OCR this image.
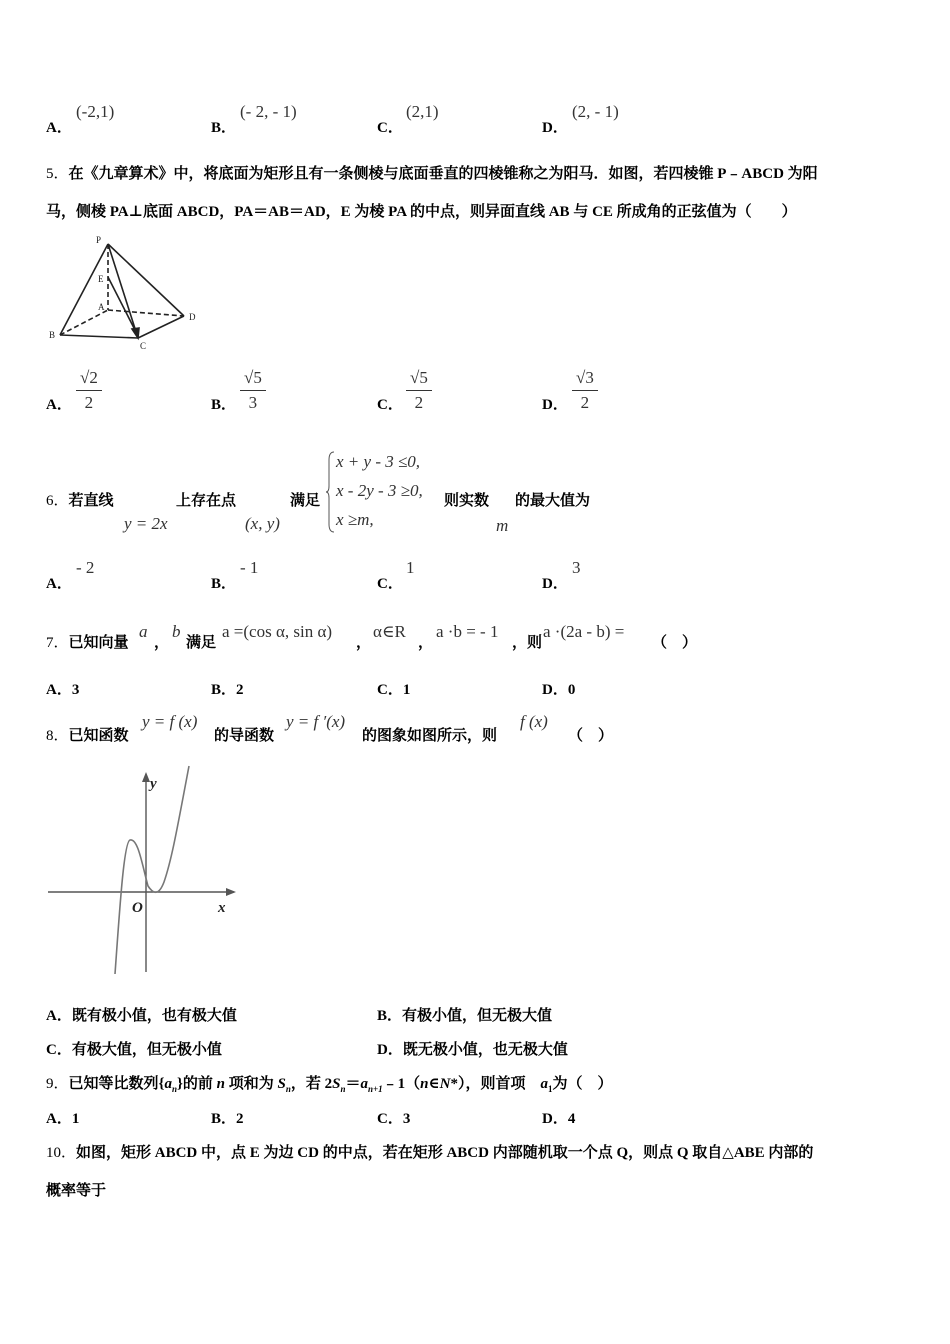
A．
(-2,1)
B．
(- 2, - 1)
C．
(2,1)
D．
(2, - 1)
5．在《九章算术》中，将底面为矩形且有一条侧棱与底面垂直的四棱锥称之为阳马．如图，若四棱锥 P﹣ABCD 为阳
马，侧棱 PA⊥底面 ABCD，PA＝AB＝AD，E 为棱 PA 的中点，则异面直线 AB 与 CE 所成角的正弦值为（　　）
P
E
A
B
C
D
A．
√2
2	B．
√5
3	C．
√5
2	D．
√3
2
6．若直线
y = 2x
上存在点
(x, y)
满足
x + y - 3 ≤0,
x - 2y - 3 ≥0,
x ≥m,
则实数
m
的最大值为
A．
- 2
B．
- 1
C．
1
D．
3
7．已知向量
a
，
b
满足
a =(cos α, sin α)
，
α∈R
，
a ·b = - 1
，则
a ·(2a - b) =
（　）
A．3	B．2	C．1	D．0
8．已知函数
y = f (x)
的导函数
y = f ′(x)
的图象如图所示，则
f (x)
（　）
y
x
O
A．既有极小值，也有极大值	B．有极小值，但无极大值
C．有极大值，但无极小值	D．既无极小值，也无极大值
9．已知等比数列$\{a_n\}$的前 n 项和为 $S_n$，若 $2S_n=a_{n+1}﹣1(n\in N*)$，则首项　$a_1$为（　）
A．1	B．2	C．3	D．4
10．如图，矩形 ABCD 中，点 E 为边 CD 的中点，若在矩形 ABCD 内部随机取一个点 Q，则点 Q 取自△ABE 内部的
概率等于
